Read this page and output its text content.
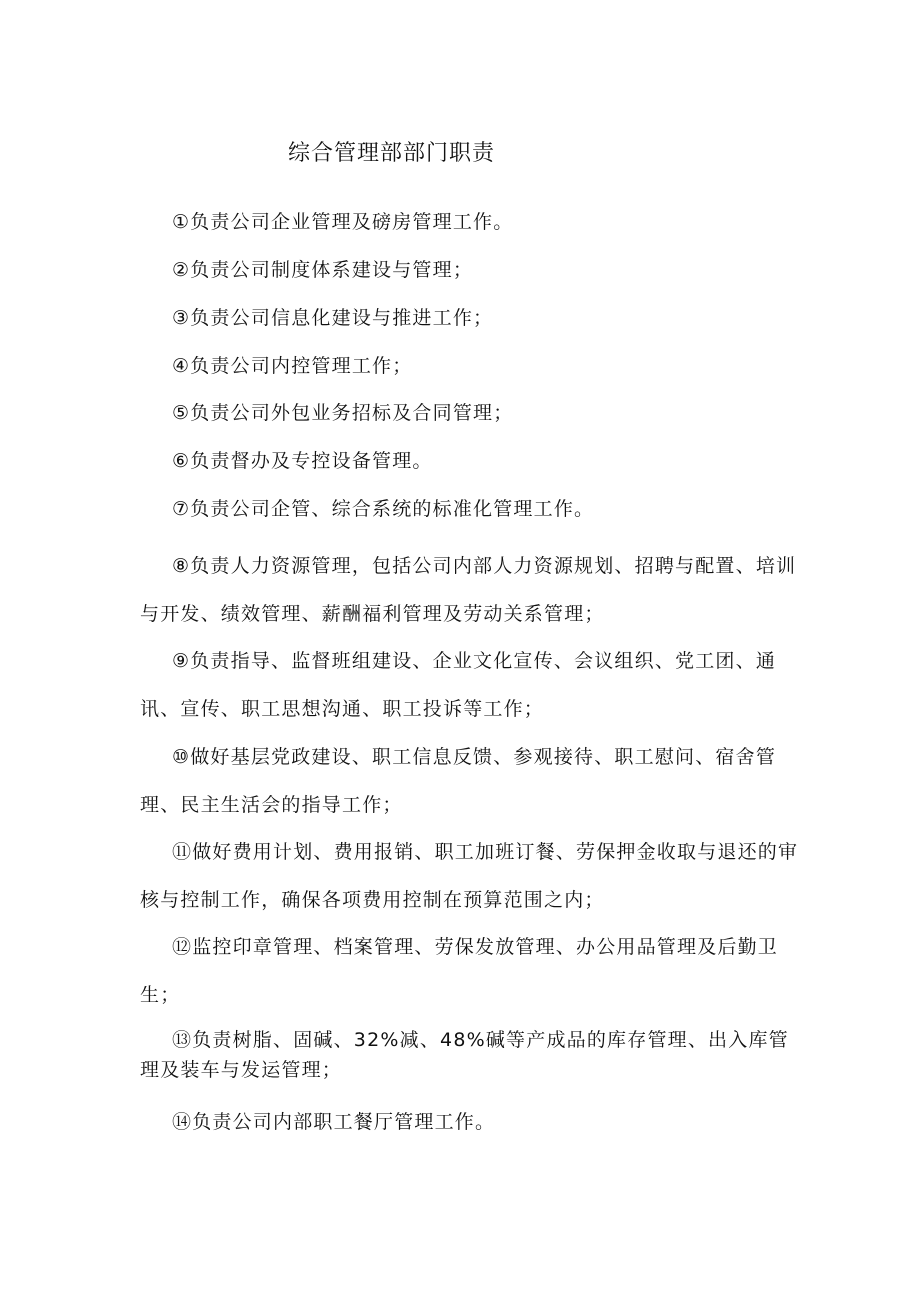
综合管理部部门职责
①负责公司企业管理及磅房管理工作。
②负责公司制度体系建设与管理；
③负责公司信息化建设与推进工作；
④负责公司内控管理工作；
⑤负责公司外包业务招标及合同管理；
⑥负责督办及专控设备管理。
⑦负责公司企管、综合系统的标准化管理工作。
⑧负责人力资源管理，包括公司内部人力资源规划、招聘与配置、培训与开发、绩效管理、薪酬福利管理及劳动关系管理；
⑨负责指导、监督班组建设、企业文化宣传、会议组织、党工团、通讯、宣传、职工思想沟通、职工投诉等工作；
⑩做好基层党政建设、职工信息反馈、参观接待、职工慰问、宿舍管理、民主生活会的指导工作；
⑪做好费用计划、费用报销、职工加班订餐、劳保押金收取与退还的审核与控制工作，确保各项费用控制在预算范围之内；
⑫监控印章管理、档案管理、劳保发放管理、办公用品管理及后勤卫生；
⑬负责树脂、固碱、32%减、48%碱等产成品的库存管理、出入库管理及装车与发运管理；
⑭负责公司内部职工餐厅管理工作。
